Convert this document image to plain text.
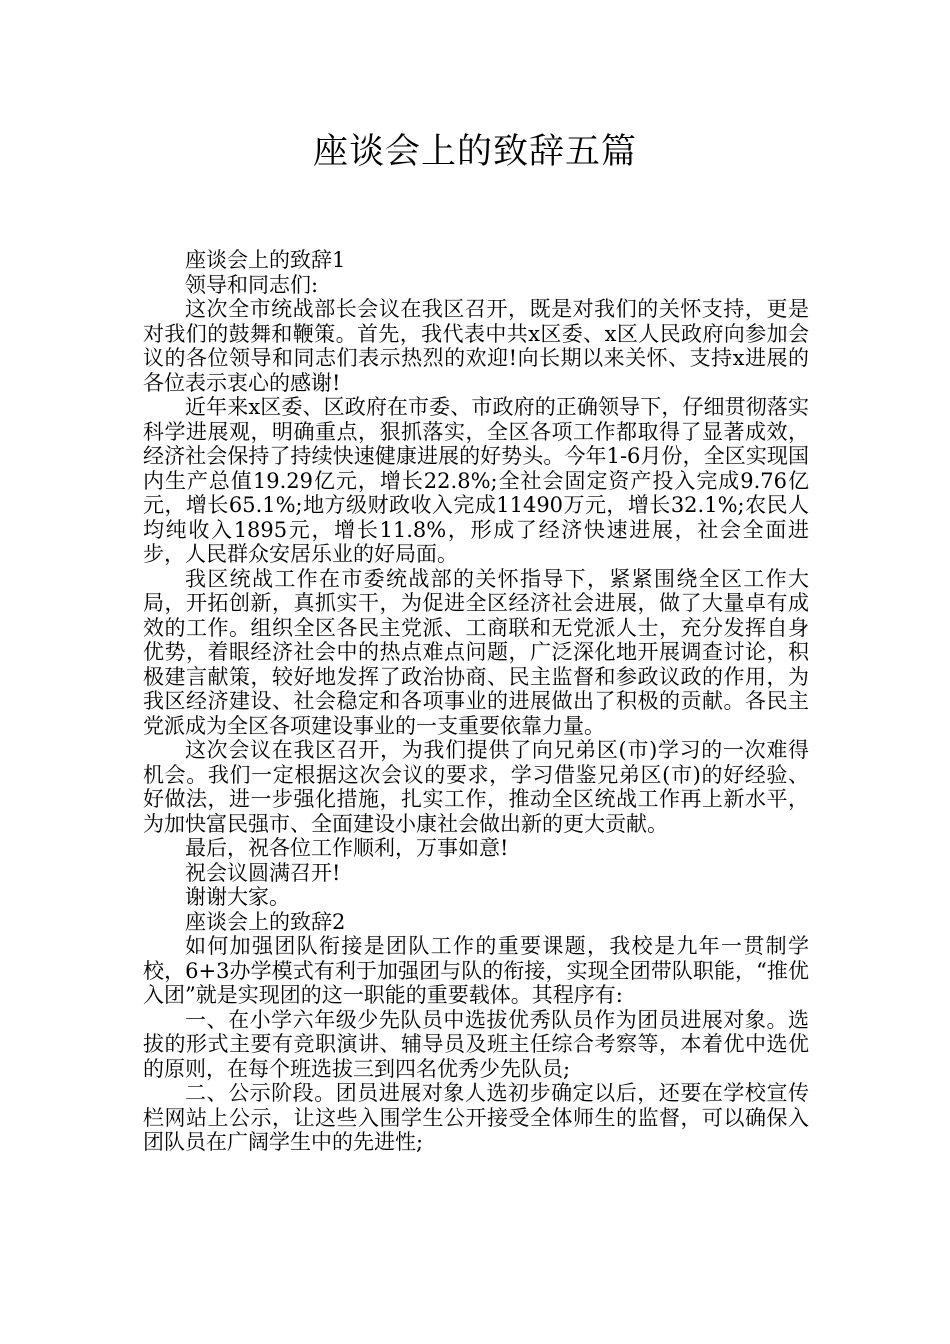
座谈会上的致辞五篇

座谈会上的致辞1

领导和同志们:

这次全市统战部长会议在我区召开，既是对我们的关怀支持，更是对我们的鼓舞和鞭策。首先，我代表中共x区委、x区人民政府向参加会议的各位领导和同志们表示热烈的欢迎!向长期以来关怀、支持x进展的各位表示衷心的感谢!

近年来x区委、区政府在市委、市政府的正确领导下，仔细贯彻落实科学进展观，明确重点，狠抓落实，全区各项工作都取得了显著成效，经济社会保持了持续快速健康进展的好势头。今年1-6月份，全区实现国内生产总值19.29亿元，增长22.8%;全社会固定资产投入完成9.76亿元，增长65.1%;地方级财政收入完成11490万元，增长32.1%;农民人均纯收入1895元，增长11.8%，形成了经济快速进展，社会全面进步，人民群众安居乐业的好局面。

我区统战工作在市委统战部的关怀指导下，紧紧围绕全区工作大局，开拓创新，真抓实干，为促进全区经济社会进展，做了大量卓有成效的工作。组织全区各民主党派、工商联和无党派人士，充分发挥自身优势，着眼经济社会中的热点难点问题，广泛深化地开展调查讨论，积极建言献策，较好地发挥了政治协商、民主监督和参政议政的作用，为我区经济建设、社会稳定和各项事业的进展做出了积极的贡献。各民主党派成为全区各项建设事业的一支重要依靠力量。

这次会议在我区召开，为我们提供了向兄弟区(市)学习的一次难得机会。我们一定根据这次会议的要求，学习借鉴兄弟区(市)的好经验、好做法，进一步强化措施，扎实工作，推动全区统战工作再上新水平，为加快富民强市、全面建设小康社会做出新的更大贡献。

最后，祝各位工作顺利，万事如意!

祝会议圆满召开!

谢谢大家。

座谈会上的致辞2

如何加强团队衔接是团队工作的重要课题，我校是九年一贯制学校，6+3办学模式有利于加强团与队的衔接，实现全团带队职能，“推优入团”就是实现团的这一职能的重要载体。其程序有:

一、在小学六年级少先队员中选拔优秀队员作为团员进展对象。选拔的形式主要有竞职演讲、辅导员及班主任综合考察等，本着优中选优的原则，在每个班选拔三到四名优秀少先队员;

二、公示阶段。团员进展对象人选初步确定以后，还要在学校宣传栏网站上公示，让这些入围学生公开接受全体师生的监督，可以确保入团队员在广阔学生中的先进性;
